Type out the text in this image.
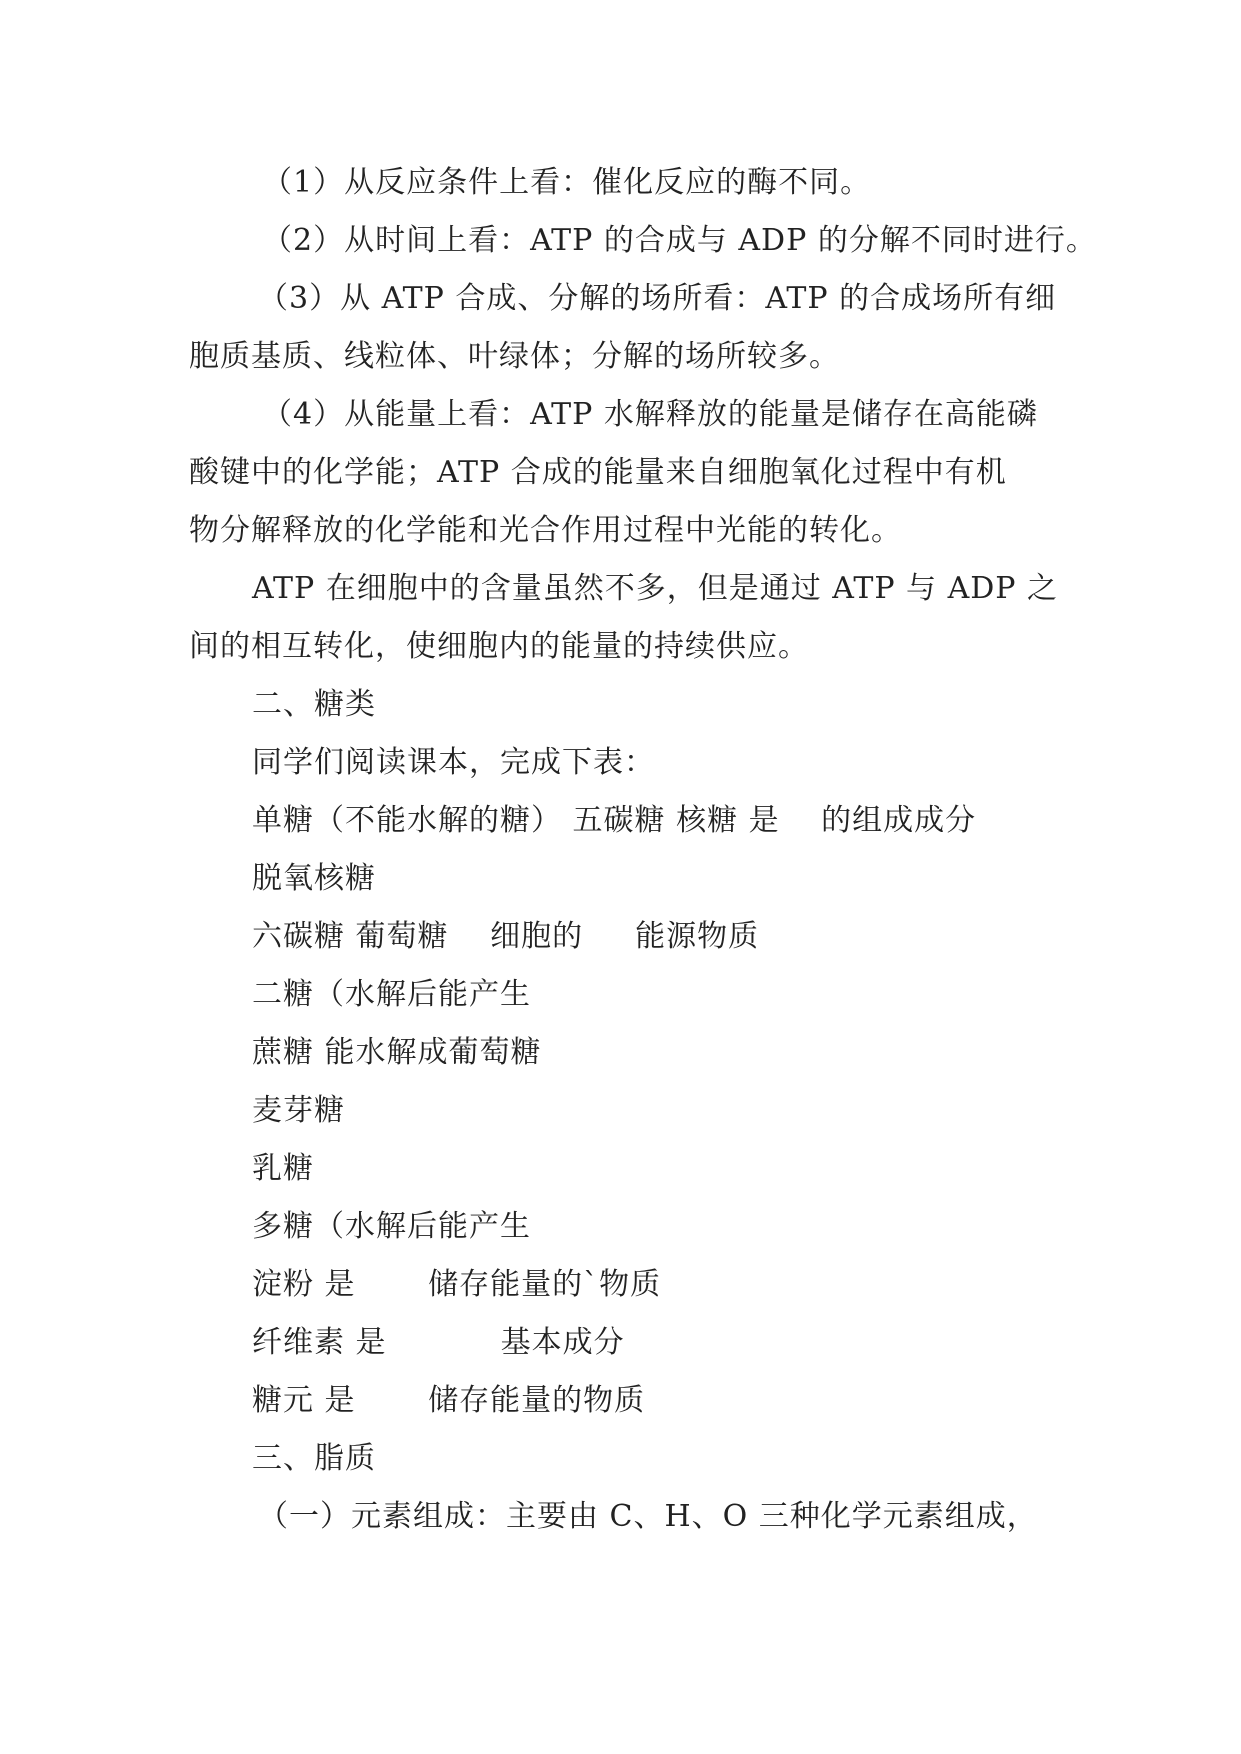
（1）从反应条件上看：催化反应的酶不同。
（2）从时间上看：ATP 的合成与 ADP 的分解不同时进行。
（3）从 ATP 合成、分解的场所看：ATP 的合成场所有细
胞质基质、线粒体、叶绿体；分解的场所较多。
（4）从能量上看：ATP 水解释放的能量是储存在高能磷
酸键中的化学能；ATP 合成的能量来自细胞氧化过程中有机
物分解释放的化学能和光合作用过程中光能的转化。
ATP 在细胞中的含量虽然不多，但是通过 ATP 与 ADP 之
间的相互转化，使细胞内的能量的持续供应。
二、糖类
同学们阅读课本，完成下表：
单糖（不能水解的糖） 五碳糖 核糖 是 　的组成成分
脱氧核糖
六碳糖 葡萄糖 　细胞的 　 能源物质
二糖（水解后能产生
蔗糖 能水解成葡萄糖
麦芽糖
乳糖
多糖（水解后能产生
淀粉 是 　　储存能量的`物质
纤维素 是 　　　 基本成分
糖元 是 　　储存能量的物质
三、脂质
（一）元素组成：主要由 C、H、O 三种化学元素组成，
